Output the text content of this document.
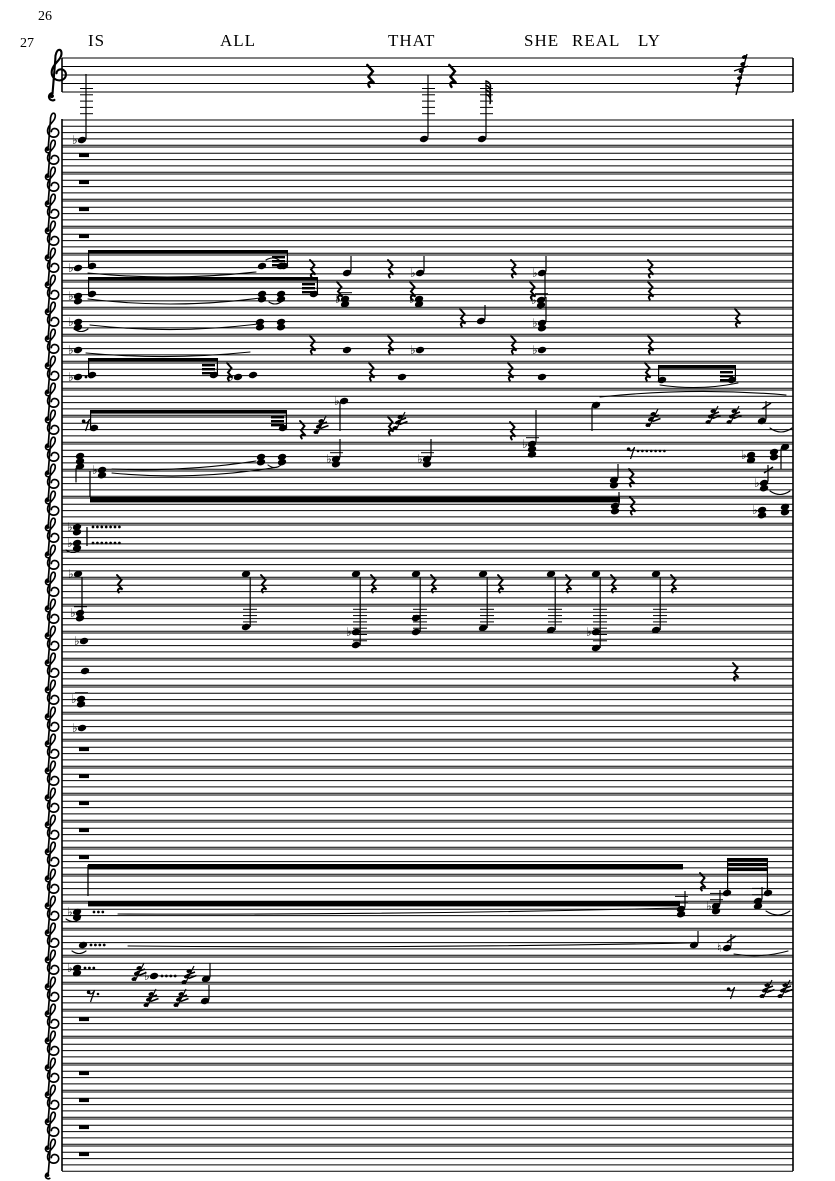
26
27	IS	ALL	THAT	SHE REAL LY
♭
♭	♭	♭
♭	♭	♭	♭
♭	♭
♭	♭	♭
♭	♭
♭
♭
♭
♭	♭	♭
♭
♭
♭
♭
♭
♭	♭
♭
♭
♭
♭
♭	♭
♮
♭
♭
